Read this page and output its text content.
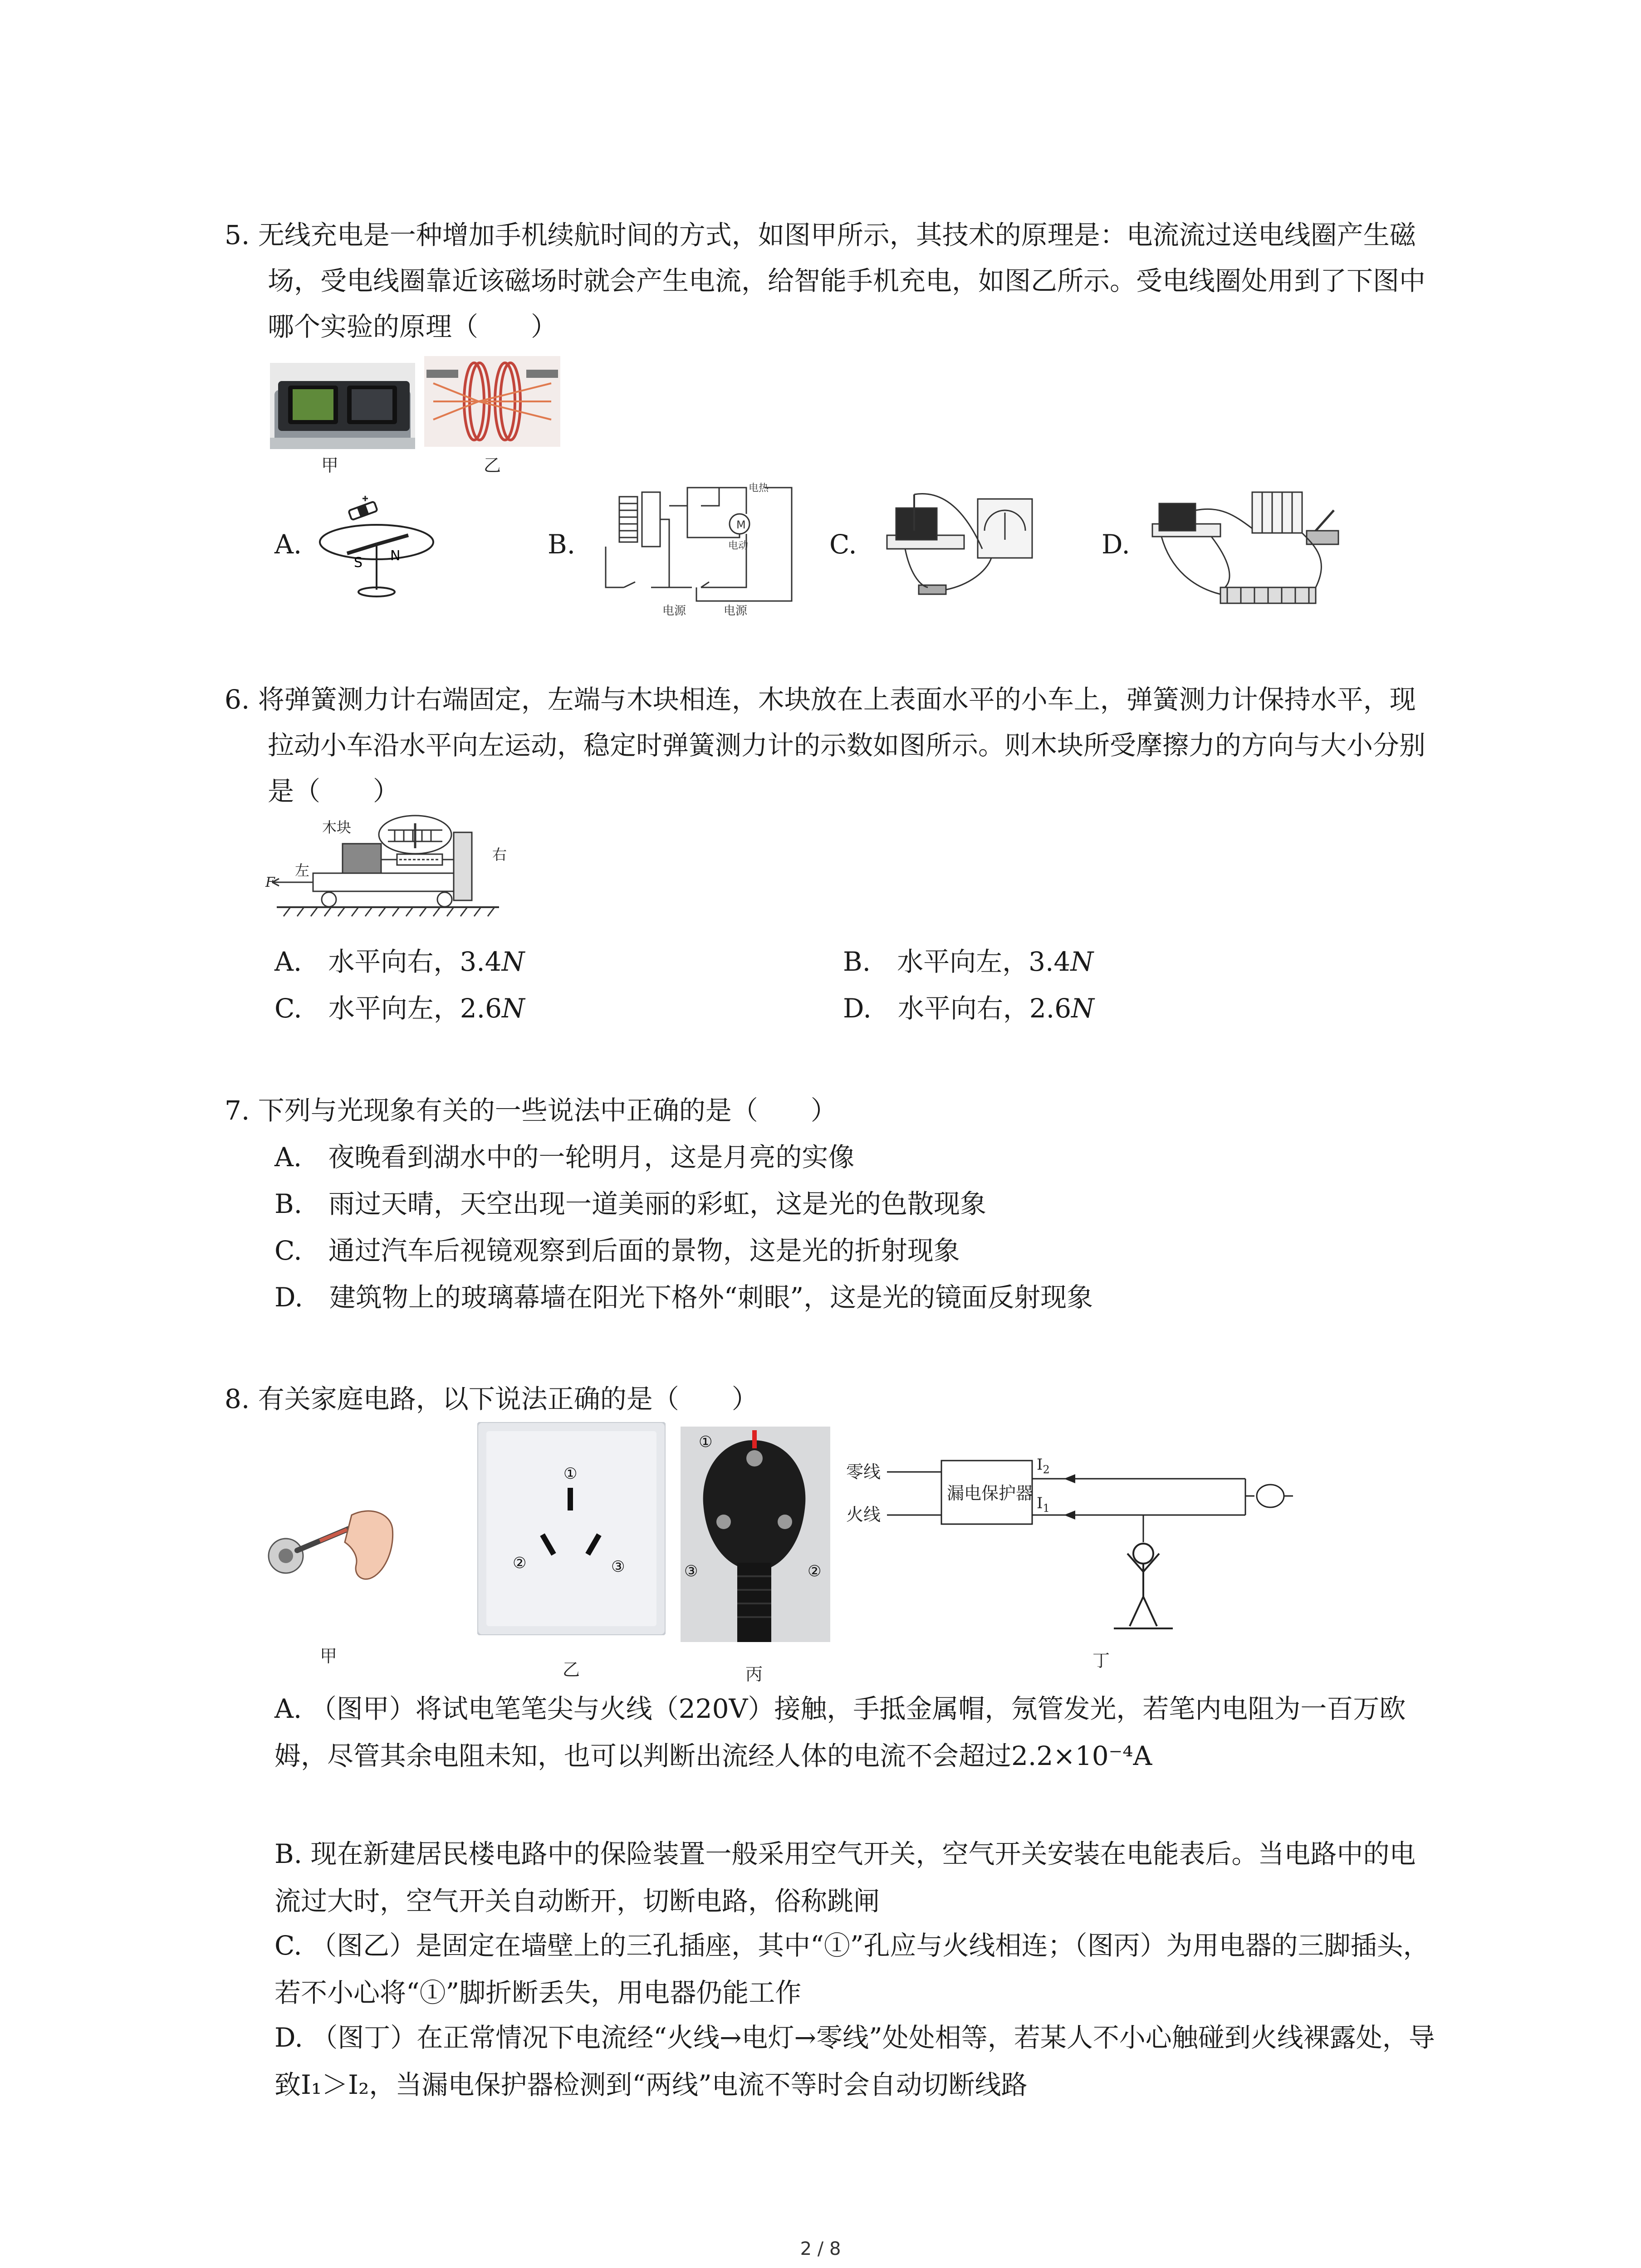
5. 无线充电是一种增加手机续航时间的方式，如图甲所示，其技术的原理是：电流流过送电线圈产生磁场，受电线圈靠近该磁场时就会产生电流，给智能手机充电，如图乙所示。受电线圈处用到了下图中哪个实验的原理（　　）

甲	乙
A.
S N	B.
M
电热
电动
电源	电源
C.	D.

6. 将弹簧测力计右端固定，左端与木块相连，木块放在上表面水平的小车上，弹簧测力计保持水平，现拉动小车沿水平向左运动，稳定时弹簧测力计的示数如图所示。则木块所受摩擦力的方向与大小分别是（　　）

木块
左
右
F
A.　 水平向右，3.4N	B.　 水平向左，3.4N
C.　 水平向左，2.6N	D.　 水平向右，2.6N

7. 下列与光现象有关的一些说法中正确的是（　　）

A.　夜晚看到湖水中的一轮明月，这是月亮的实像
B.　雨过天晴，天空出现一道美丽的彩虹，这是光的色散现象
C.　通过汽车后视镜观察到后面的景物，这是光的折射现象
D.　建筑物上的玻璃幕墙在阳光下格外“刺眼”，这是光的镜面反射现象

8. 有关家庭电路，以下说法正确的是（　　）

甲
①
②	③
乙
①
②
③
丙
零线
火线
漏电保护器
$I_2$
$I_1$
丁

A. （图甲）将试电笔笔尖与火线（220V）接触，手抵金属帽，氖管发光，若笔内电阻为一百万欧姆，尽管其余电阻未知，也可以判断出流经人体的电流不会超过2.2×10⁻⁴A

B. 现在新建居民楼电路中的保险装置一般采用空气开关，空气开关安装在电能表后。当电路中的电流过大时，空气开关自动断开，切断电路，俗称跳闸

C. （图乙）是固定在墙壁上的三孔插座，其中“①”孔应与火线相连；（图丙）为用电器的三脚插头，若不小心将“①”脚折断丢失，用电器仍能工作

D. （图丁）在正常情况下电流经“火线→电灯→零线”处处相等，若某人不小心触碰到火线裸露处，导致I₁＞I₂，当漏电保护器检测到“两线”电流不等时会自动切断线路

2 / 8
